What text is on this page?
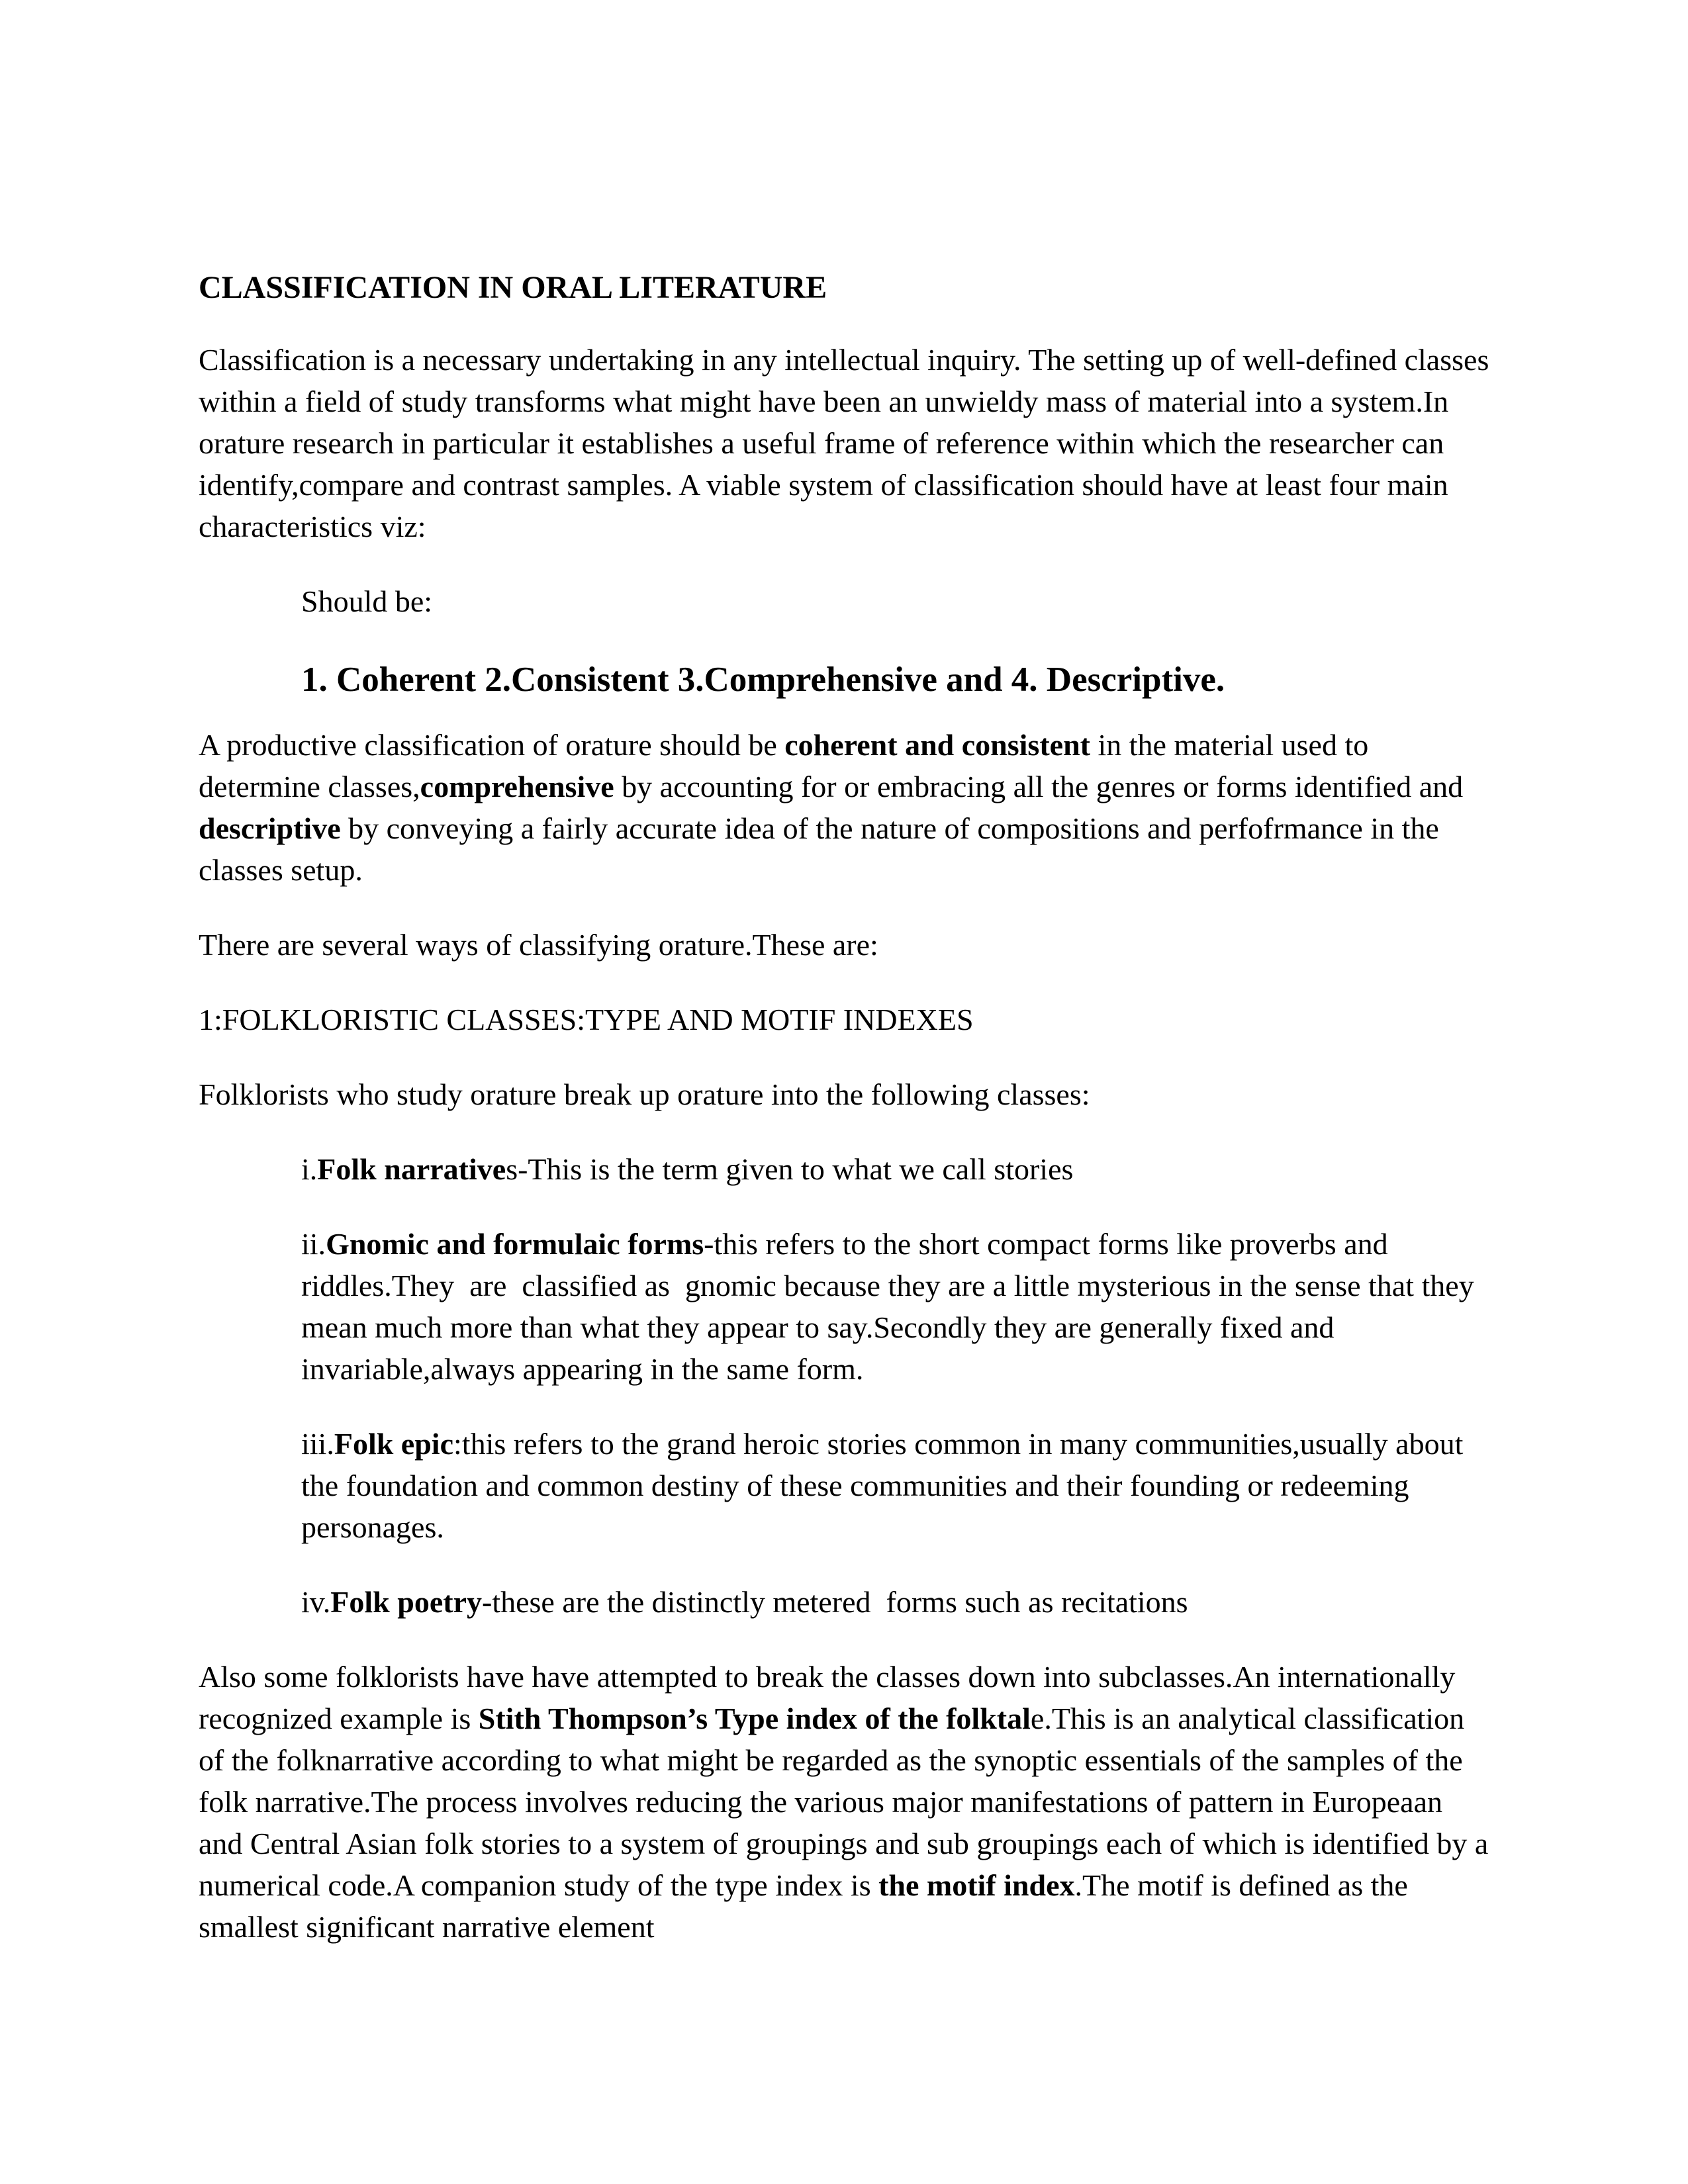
CLASSIFICATION IN ORAL LITERATURE

Classification is a necessary undertaking in any intellectual inquiry. The setting up of well-defined classes within a field of study transforms what might have been an unwieldy mass of material into a system.In orature research in particular it establishes a useful frame of reference within which the researcher can identify,compare and contrast samples. A viable system of classification should have at least four main characteristics viz:

Should be:

1. Coherent 2.Consistent 3.Comprehensive and 4. Descriptive.

A productive classification of orature should be coherent and consistent in the material used to determine classes,comprehensive by accounting for or embracing all the genres or forms identified and descriptive by conveying a fairly accurate idea of the nature of compositions and perfofrmance in the classes setup.

There are several ways of classifying orature.These are:

1:FOLKLORISTIC CLASSES:TYPE AND MOTIF INDEXES

Folklorists who study orature break up orature into the following classes:

i.Folk narratives-This is the term given to what we call stories

ii.Gnomic and formulaic forms-this refers to the short compact forms like proverbs and riddles.They  are  classified as  gnomic because they are a little mysterious in the sense that they mean much more than what they appear to say.Secondly they are generally fixed and invariable,always appearing in the same form.

iii.Folk epic:this refers to the grand heroic stories common in many communities,usually about the foundation and common destiny of these communities and their founding or redeeming personages.

iv.Folk poetry-these are the distinctly metered  forms such as recitations

Also some folklorists have have attempted to break the classes down into subclasses.An internationally recognized example is Stith Thompson’s Type index of the folktale.This is an analytical classification of the folknarrative according to what might be regarded as the synoptic essentials of the samples of the folk narrative.The process involves reducing the various major manifestations of pattern in Europeaan and Central Asian folk stories to a system of groupings and sub groupings each of which is identified by a numerical code.A companion study of the type index is the motif index.The motif is defined as the smallest significant narrative element
